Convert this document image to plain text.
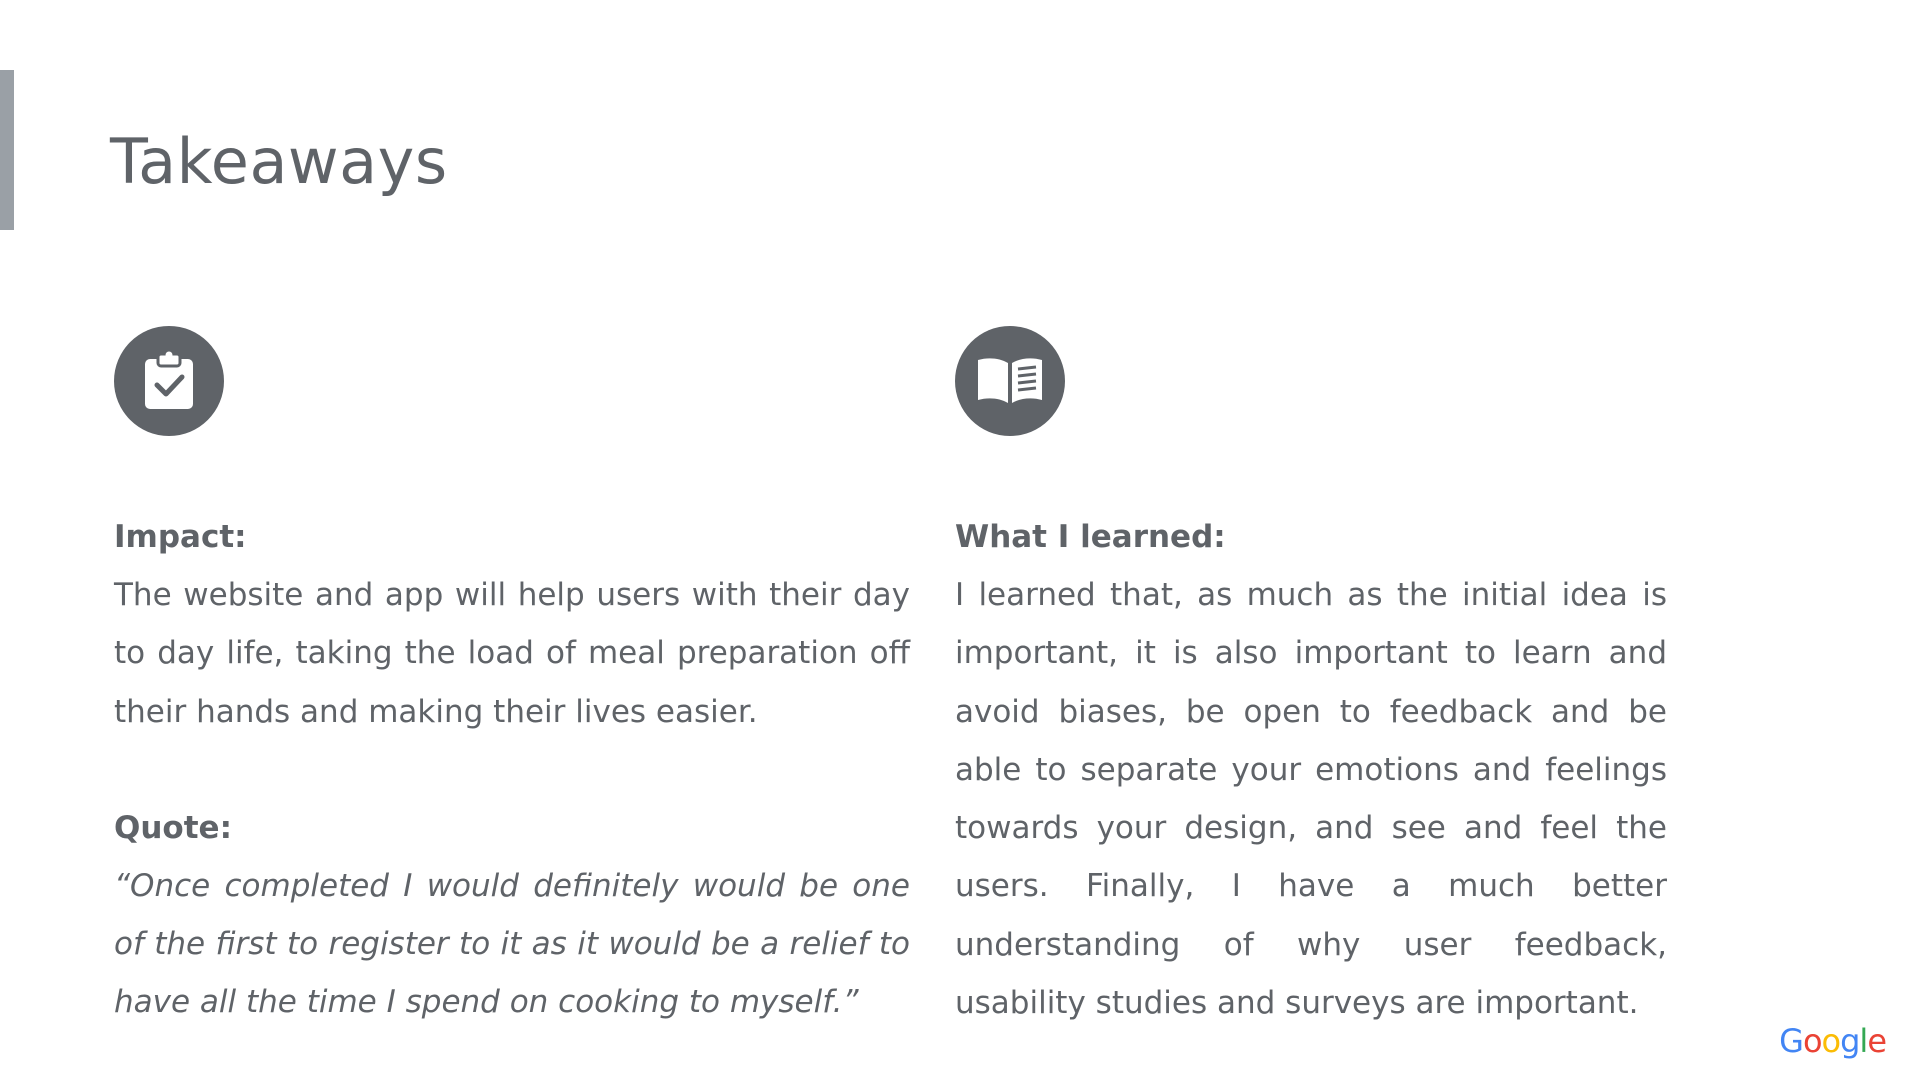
Takeaways
Impact:

The website and app will help users with their day to day life, taking the load of meal preparation off their hands and making their lives easier.

Quote:

“Once completed I would definitely would be one of the first to register to it as it would be a relief to have all the time I spend on cooking to myself.”

What I learned:

I learned that, as much as the initial idea is important, it is also important to learn and avoid biases, be open to feedback and be able to separate your emotions and feelings towards your design, and see and feel the users. Finally, I have a much better understanding of why user feedback, usability studies and surveys are important.

Google
